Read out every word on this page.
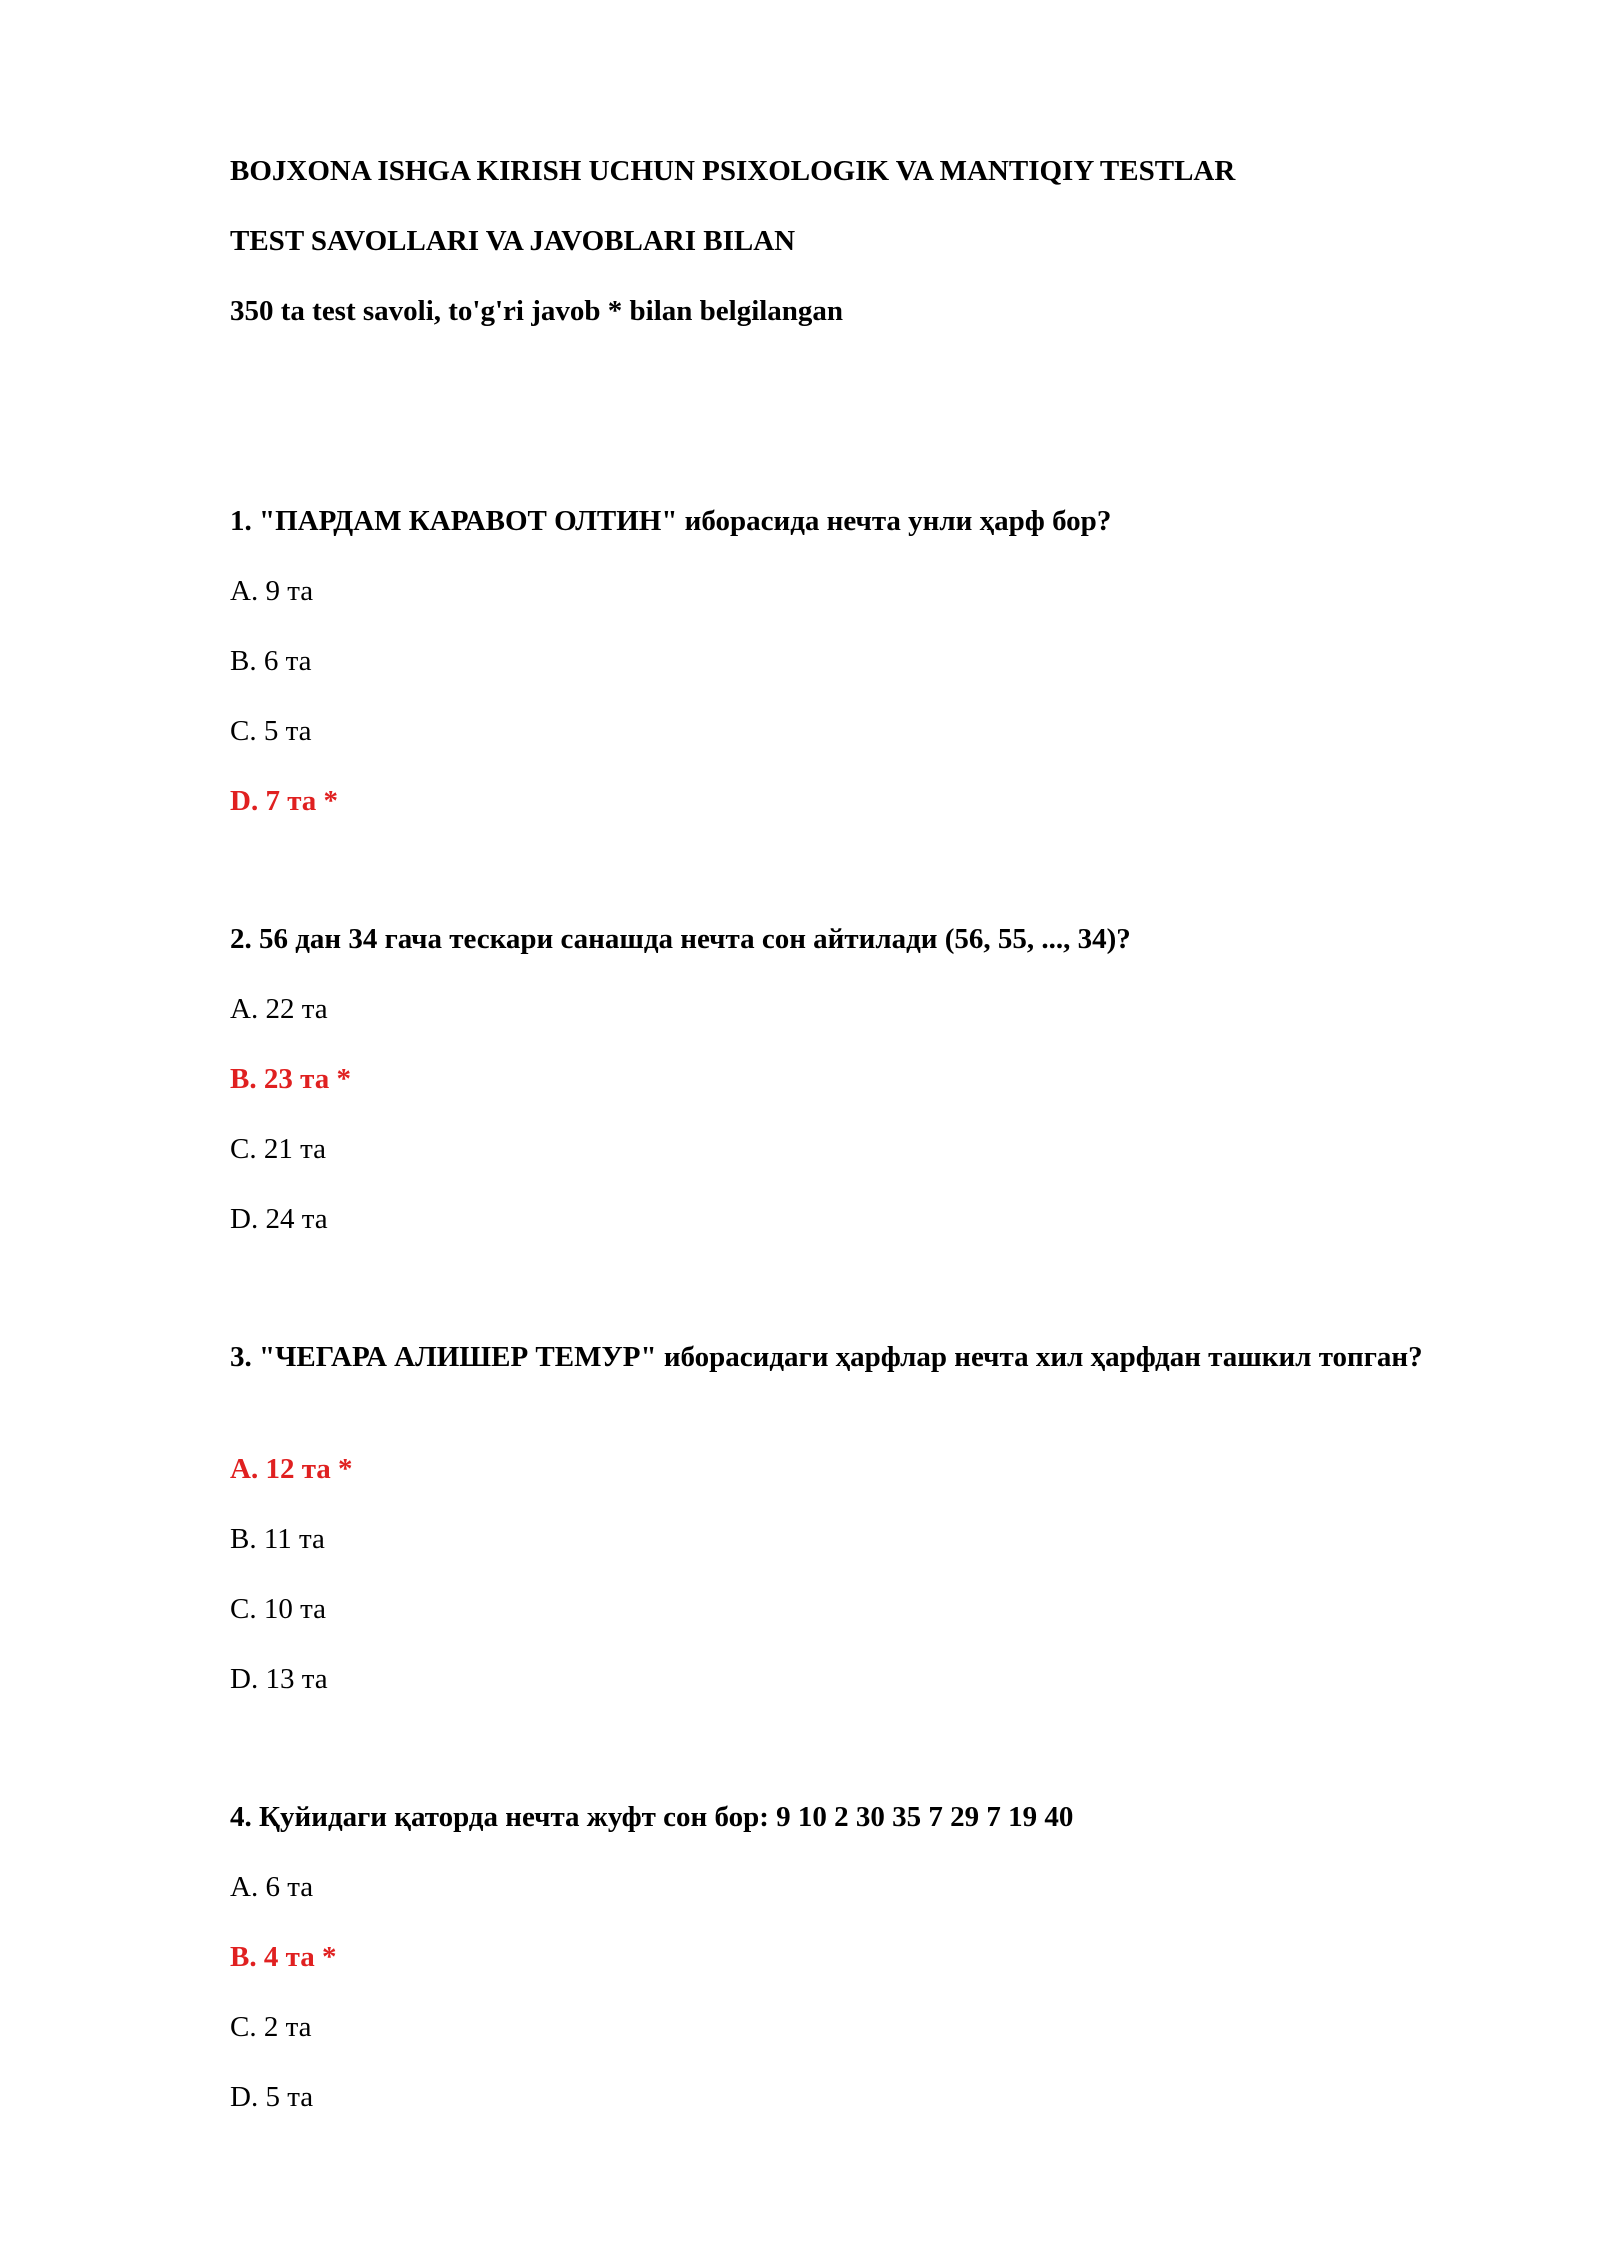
BOJXONA ISHGA KIRISH UCHUN PSIXOLOGIK VA MANTIQIY TESTLAR
TEST SAVOLLARI VA JAVOBLARI BILAN
350 ta test savoli, to'g'ri javob * bilan belgilangan
1. "ПАРДАМ КАРАВОТ ОЛТИН" иборасида нечта унли ҳарф бор?
A. 9 та
B. 6 та
C. 5 та
D. 7 та *
2. 56 дан 34 гача тескари санашда нечта сон айтилади (56, 55, ..., 34)?
A. 22 та
B. 23 та *
C. 21 та
D. 24 та
3. "ЧЕГАРА АЛИШЕР ТЕМУР" иборасидаги ҳарфлар нечта хил ҳарфдан ташкил топган?
A. 12 та *
B. 11 та
C. 10 та
D. 13 та
4. Қуйидаги қаторда нечта жуфт сон бор: 9 10 2 30 35 7 29 7 19 40
A. 6 та
B. 4 та *
C. 2 та
D. 5 та
